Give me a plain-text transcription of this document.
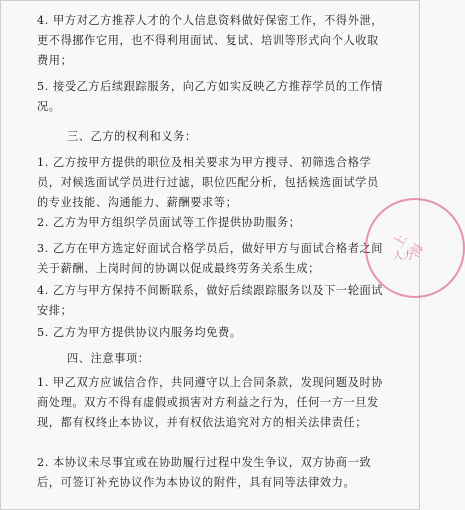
4. 甲方对乙方推荐人才的个人信息资料做好保密工作，不得外泄，更不得挪作它用，也不得利用面试、复试、培训等形式向个人收取费用；

5. 接受乙方后续跟踪服务，向乙方如实反映乙方推荐学员的工作情况。

三、乙方的权利和义务：

1. 乙方按甲方提供的职位及相关要求为甲方搜寻、初筛选合格学员，对候选面试学员进行过滤，职位匹配分析，包括候选面试学员的专业技能、沟通能力、薪酬要求等；

2. 乙方为甲方组织学员面试等工作提供协助服务；

3. 乙方在甲方选定好面试合格学员后，做好甲方与面试合格者之间关于薪酬、上岗时间的协调以促成最终劳务关系生成；

4. 乙方与甲方保持不间断联系，做好后续跟踪服务以及下一轮面试安排；

5. 乙方为甲方提供协议内服务均免费。

四、注意事项：

1. 甲乙双方应诚信合作，共同遵守以上合同条款，发现问题及时协商处理。双方不得有虚假或损害对方利益之行为，任何一方一旦发现，都有权终止本协议，并有权依法追究对方的相关法律责任；

2. 本协议未尽事宜或在协助履行过程中发生争议，双方协商一致后，可签订补充协议作为本协议的附件，具有同等法律效力。

人力
上海
